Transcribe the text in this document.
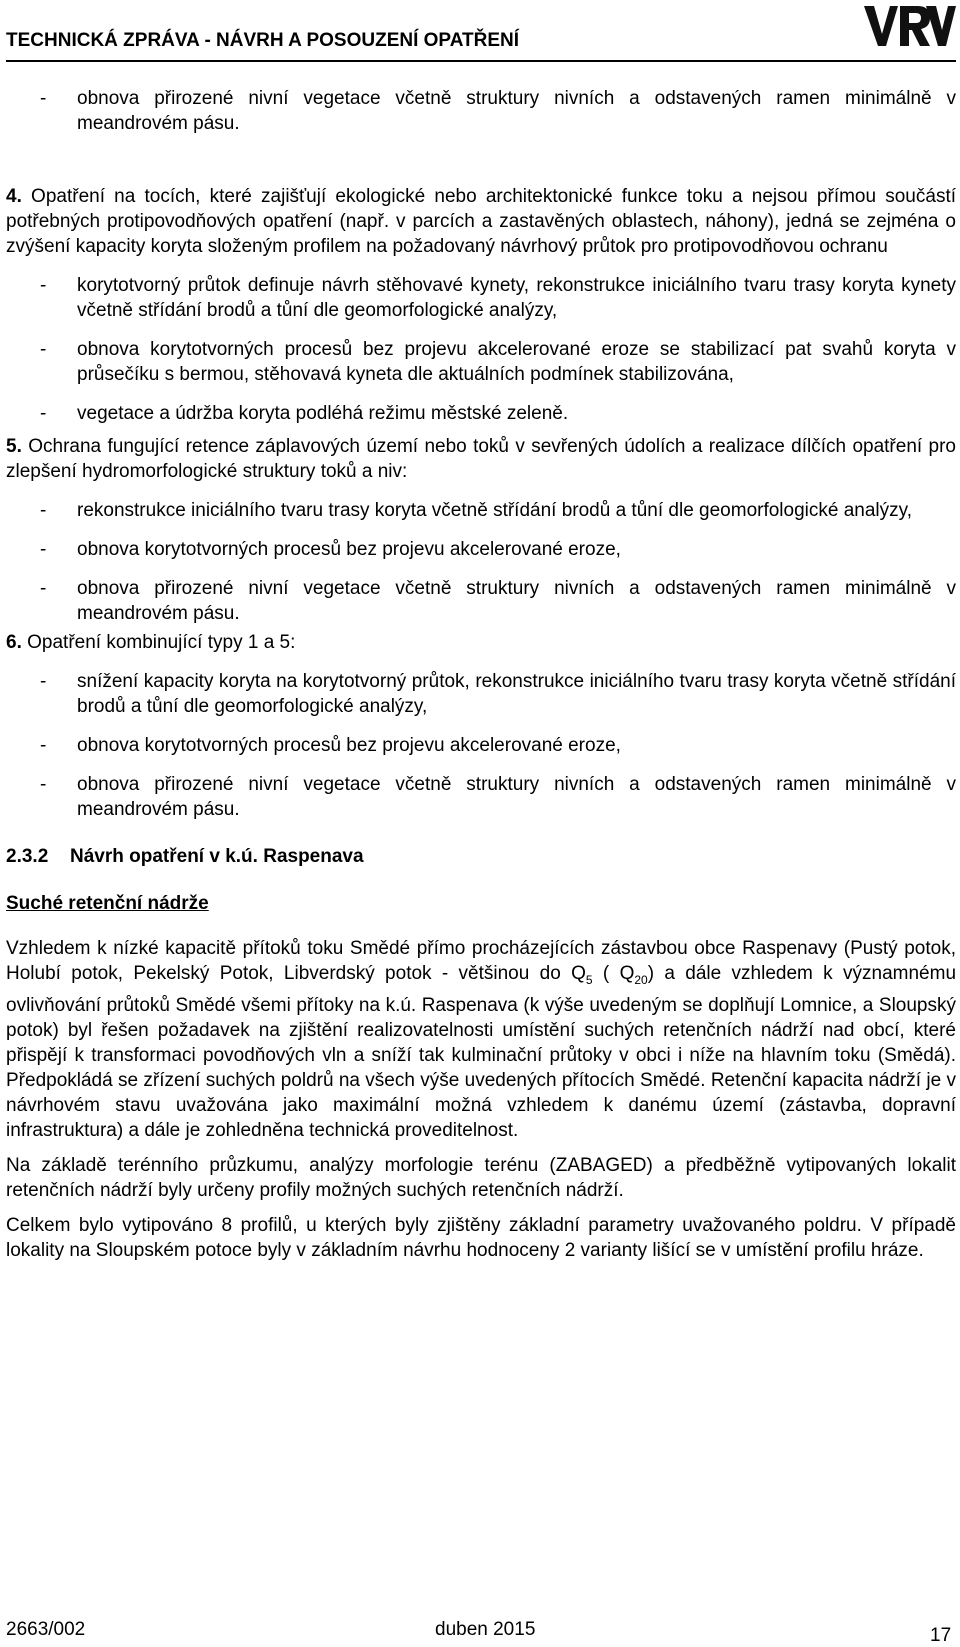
TECHNICKÁ ZPRÁVA - NÁVRH A POSOUZENÍ OPATŘENÍ
- obnova přirozené nivní vegetace včetně struktury nivních a odstavených ramen minimálně v meandrovém pásu.

4. Opatření na tocích, které zajišťují ekologické nebo architektonické funkce toku a nejsou přímou součástí potřebných protipovodňových opatření (např. v parcích a zastavěných oblastech, náhony), jedná se zejména o zvýšení kapacity koryta složeným profilem na požadovaný návrhový průtok pro protipovodňovou ochranu

- korytotvorný průtok definuje návrh stěhovavé kynety, rekonstrukce iniciálního tvaru trasy koryta kynety včetně střídání brodů a tůní dle geomorfologické analýzy,
- obnova korytotvorných procesů bez projevu akcelerované eroze se stabilizací pat svahů koryta v průsečíku s bermou, stěhovavá kyneta dle aktuálních podmínek stabilizována,
- vegetace a údržba koryta podléhá režimu městské zeleně.

5. Ochrana fungující retence záplavových území nebo toků v sevřených údolích a realizace dílčích opatření pro zlepšení hydromorfologické struktury toků a niv:

- rekonstrukce iniciálního tvaru trasy koryta včetně střídání brodů a tůní dle geomorfologické analýzy,
- obnova korytotvorných procesů bez projevu akcelerované eroze,
- obnova přirozené nivní vegetace včetně struktury nivních a odstavených ramen minimálně v meandrovém pásu.

6. Opatření kombinující typy 1 a 5:

- snížení kapacity koryta na korytotvorný průtok, rekonstrukce iniciálního tvaru trasy koryta včetně střídání brodů a tůní dle geomorfologické analýzy,
- obnova korytotvorných procesů bez projevu akcelerované eroze,
- obnova přirozené nivní vegetace včetně struktury nivních a odstavených ramen minimálně v meandrovém pásu.
2.3.2 Návrh opatření v k.ú. Raspenava
Suché retenční nádrže

Vzhledem k nízké kapacitě přítoků toku Smědé přímo procházejících zástavbou obce Raspenavy (Pustý potok, Holubí potok, Pekelský Potok, Libverdský potok - většinou do $Q_5$ ( $Q_{20}$) a dále vzhledem k významnému ovlivňování průtoků Smědé všemi přítoky na k.ú. Raspenava (k výše uvedeným se doplňují Lomnice, a Sloupský potok) byl řešen požadavek na zjištění realizovatelnosti umístění suchých retenčních nádrží nad obcí, které přispějí k transformaci povodňových vln a sníží tak kulminační průtoky v obci i níže na hlavním toku (Smědá). Předpokládá se zřízení suchých poldrů na všech výše uvedených přítocích Smědé. Retenční kapacita nádrží je v návrhovém stavu uvažována jako maximální možná vzhledem k danému území (zástavba, dopravní infrastruktura) a dále je zohledněna technická proveditelnost.

Na základě terénního průzkumu, analýzy morfologie terénu (ZABAGED) a předběžně vytipovaných lokalit retenčních nádrží byly určeny profily možných suchých retenčních nádrží.

Celkem bylo vytipováno 8 profilů, u kterých byly zjištěny základní parametry uvažovaného poldru. V případě lokality na Sloupském potoce byly v základním návrhu hodnoceny 2 varianty lišící se v umístění profilu hráze.

2663/002	duben 2015	17
